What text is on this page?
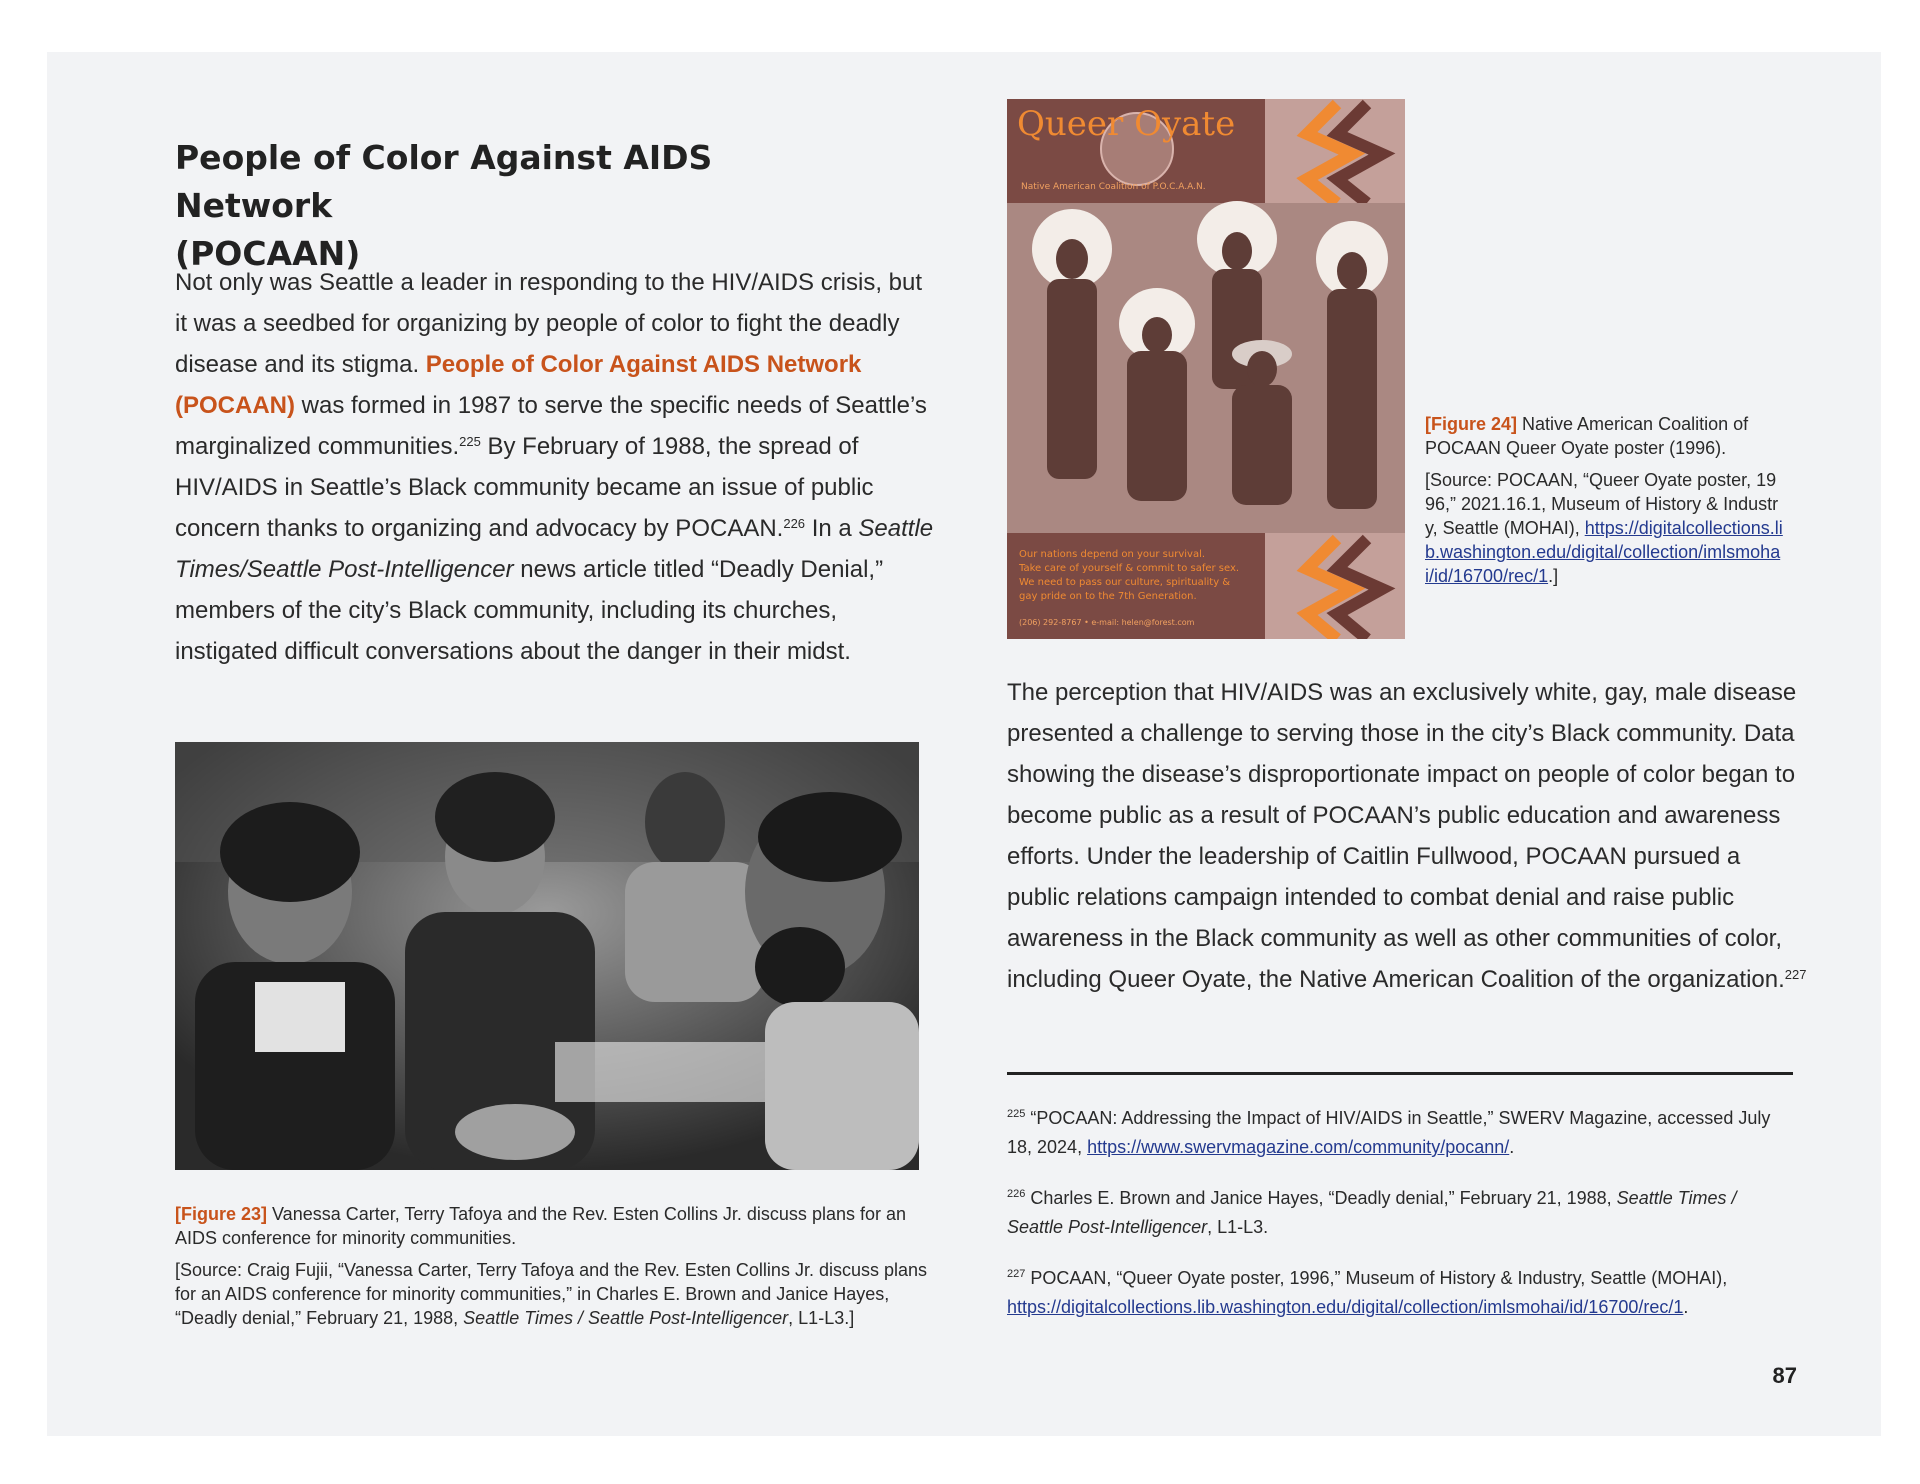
People of Color Against AIDS Network
(POCAAN)
Not only was Seattle a leader in responding to the HIV/AIDS crisis, but it was a seedbed for organizing by people of color to fight the deadly disease and its stigma. People of Color Against AIDS Network (POCAAN) was formed in 1987 to serve the specific needs of Seattle’s marginalized communities.$^{225}$ By February of 1988, the spread of HIV/AIDS in Seattle’s Black community became an issue of public concern thanks to organizing and advocacy by POCAAN.$^{226}$ In a Seattle Times/Seattle Post-Intelligencer news article titled “Deadly Denial,” members of the city’s Black community, including its churches, instigated difficult conversations about the danger in their midst.
[Figure 23] Vanessa Carter, Terry Tafoya and the Rev. Esten Collins Jr. discuss plans for an AIDS conference for minority communities.
[Source: Craig Fujii, “Vanessa Carter, Terry Tafoya and the Rev. Esten Collins Jr. discuss plans for an AIDS conference for minority communities,” in Charles E. Brown and Janice Hayes, “Deadly denial,” February 21, 1988, Seattle Times / Seattle Post-Intelligencer, L1-L3.]
Queer Oyate
Native American Coalition of P.O.C.A.A.N.
Our nations depend on your survival.
Take care of yourself & commit to safer sex.
We need to pass our culture, spirituality &
gay pride on to the 7th Generation.
(206) 292-8767 • e-mail: helen@forest.com
[Figure 24] Native American Coalition of POCAAN Queer Oyate poster (1996).
[Source: POCAAN, “Queer Oyate poster, 1996,” 2021.16.1, Museum of History & Industry, Seattle (MOHAI), https://digitalcollections.lib.washington.edu/digital/collection/imlsmohai/id/16700/rec/1.]
The perception that HIV/AIDS was an exclusively white, gay, male disease presented a challenge to serving those in the city’s Black community. Data showing the disease’s disproportionate impact on people of color began to become public as a result of POCAAN’s public education and awareness efforts. Under the leadership of Caitlin Fullwood, POCAAN pursued a public relations campaign intended to combat denial and raise public awareness in the Black community as well as other communities of color, including Queer Oyate, the Native American Coalition of the organization.$^{227}$
$^{225}$ “POCAAN: Addressing the Impact of HIV/AIDS in Seattle,” SWERV Magazine, accessed July 18, 2024, https://www.swervmagazine.com/community/pocann/.
$^{226}$ Charles E. Brown and Janice Hayes, “Deadly denial,” February 21, 1988, Seattle Times / Seattle Post-Intelligencer, L1-L3.
$^{227}$ POCAAN, “Queer Oyate poster, 1996,” Museum of History & Industry, Seattle (MOHAI), https://digitalcollections.lib.washington.edu/digital/collection/imlsmohai/id/16700/rec/1.
87
